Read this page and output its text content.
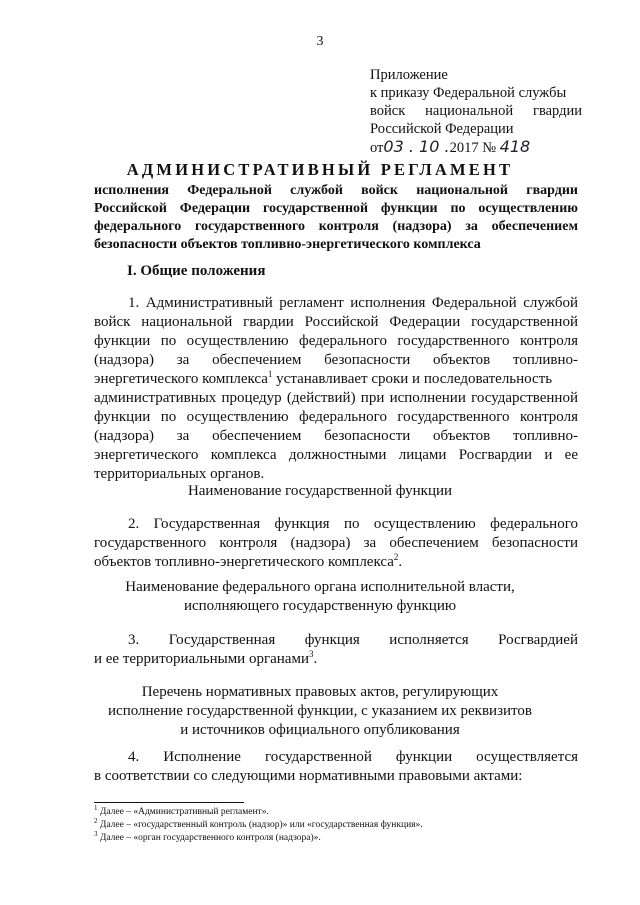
3
Приложение
к приказу Федеральной службы
войск национальной гвардии
Российской Федерации
от03 . 10 .2017 № 418
АДМИНИСТРАТИВНЫЙ РЕГЛАМЕНТ
исполнения Федеральной службой войск национальной гвардии
Российской Федерации государственной функции по осуществлению
федерального государственного контроля (надзора) за обеспечением
безопасности объектов топливно-энергетического комплекса
I. Общие положения
1. Административный регламент исполнения Федеральной службой
войск национальной гвардии Российской Федерации государственной
функции по осуществлению федерального государственного контроля
(надзора) за обеспечением безопасности объектов топливно-
энергетического комплекса$^1$ устанавливает сроки и последовательность
административных процедур (действий) при исполнении государственной
функции по осуществлению федерального государственного контроля
(надзора) за обеспечением безопасности объектов топливно-
энергетического комплекса должностными лицами Росгвардии и ее
территориальных органов.
Наименование государственной функции
2. Государственная функция по осуществлению федерального
государственного контроля (надзора) за обеспечением безопасности
объектов топливно-энергетического комплекса$^2$.
Наименование федерального органа исполнительной власти,
исполняющего государственную функцию
3. Государственная функция исполняется Росгвардией
и ее территориальными органами$^3$.
Перечень нормативных правовых актов, регулирующих
исполнение государственной функции, с указанием их реквизитов
и источников официального опубликования
4. Исполнение государственной функции осуществляется
в соответствии со следующими нормативными правовыми актами:
$^1$ Далее – «Административный регламент».
$^2$ Далее – «государственный контроль (надзор)» или «государственная функция».
$^3$ Далее – «орган государственного контроля (надзора)».
